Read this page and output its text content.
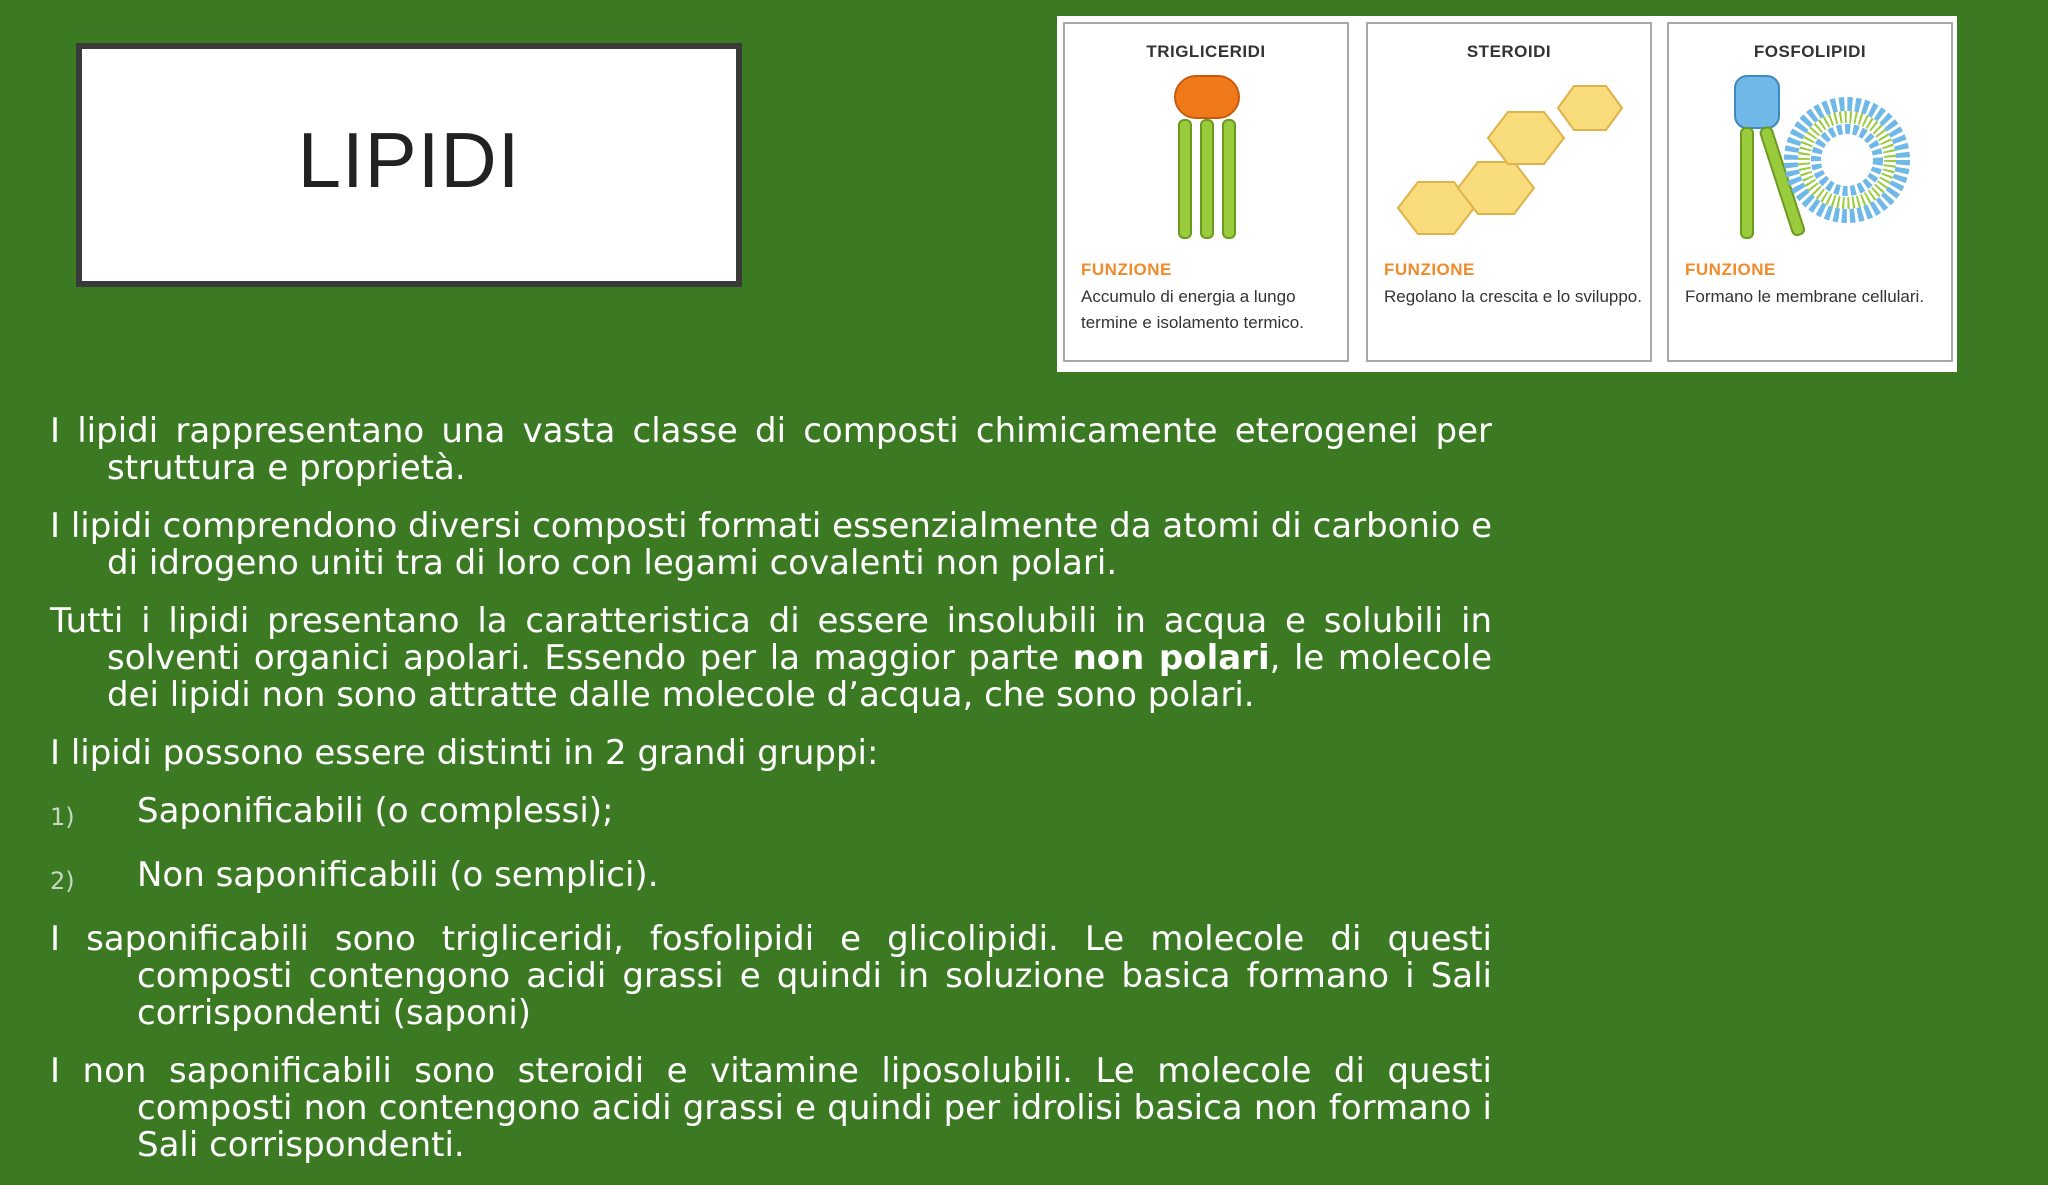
LIPIDI
TRIGLICERIDI
FUNZIONE
Accumulo di energia a lungo termine e isolamento termico.
STEROIDI
FUNZIONE
Regolano la crescita e lo sviluppo.
FOSFOLIPIDI
FUNZIONE
Formano le membrane cellulari.

I lipidi rappresentano una vasta classe di composti chimicamente eterogenei per struttura e proprietà.

I lipidi comprendono diversi composti formati essenzialmente da atomi di carbonio e di idrogeno uniti tra di loro con legami covalenti non polari.

Tutti i lipidi presentano la caratteristica di essere insolubili in acqua e solubili in solventi organici apolari. Essendo per la maggior parte non polari, le molecole dei lipidi non sono attratte dalle molecole d’acqua, che sono polari.

I lipidi possono essere distinti in 2 grandi gruppi:

1)	Saponificabili (o complessi);
2)	Non saponificabili (o semplici).

I saponificabili sono trigliceridi, fosfolipidi e glicolipidi. Le molecole di questi composti contengono acidi grassi e quindi in soluzione basica formano i Sali corrispondenti (saponi)

I non saponificabili sono steroidi e vitamine liposolubili. Le molecole di questi composti non contengono acidi grassi e quindi per idrolisi basica non formano i Sali corrispondenti.
